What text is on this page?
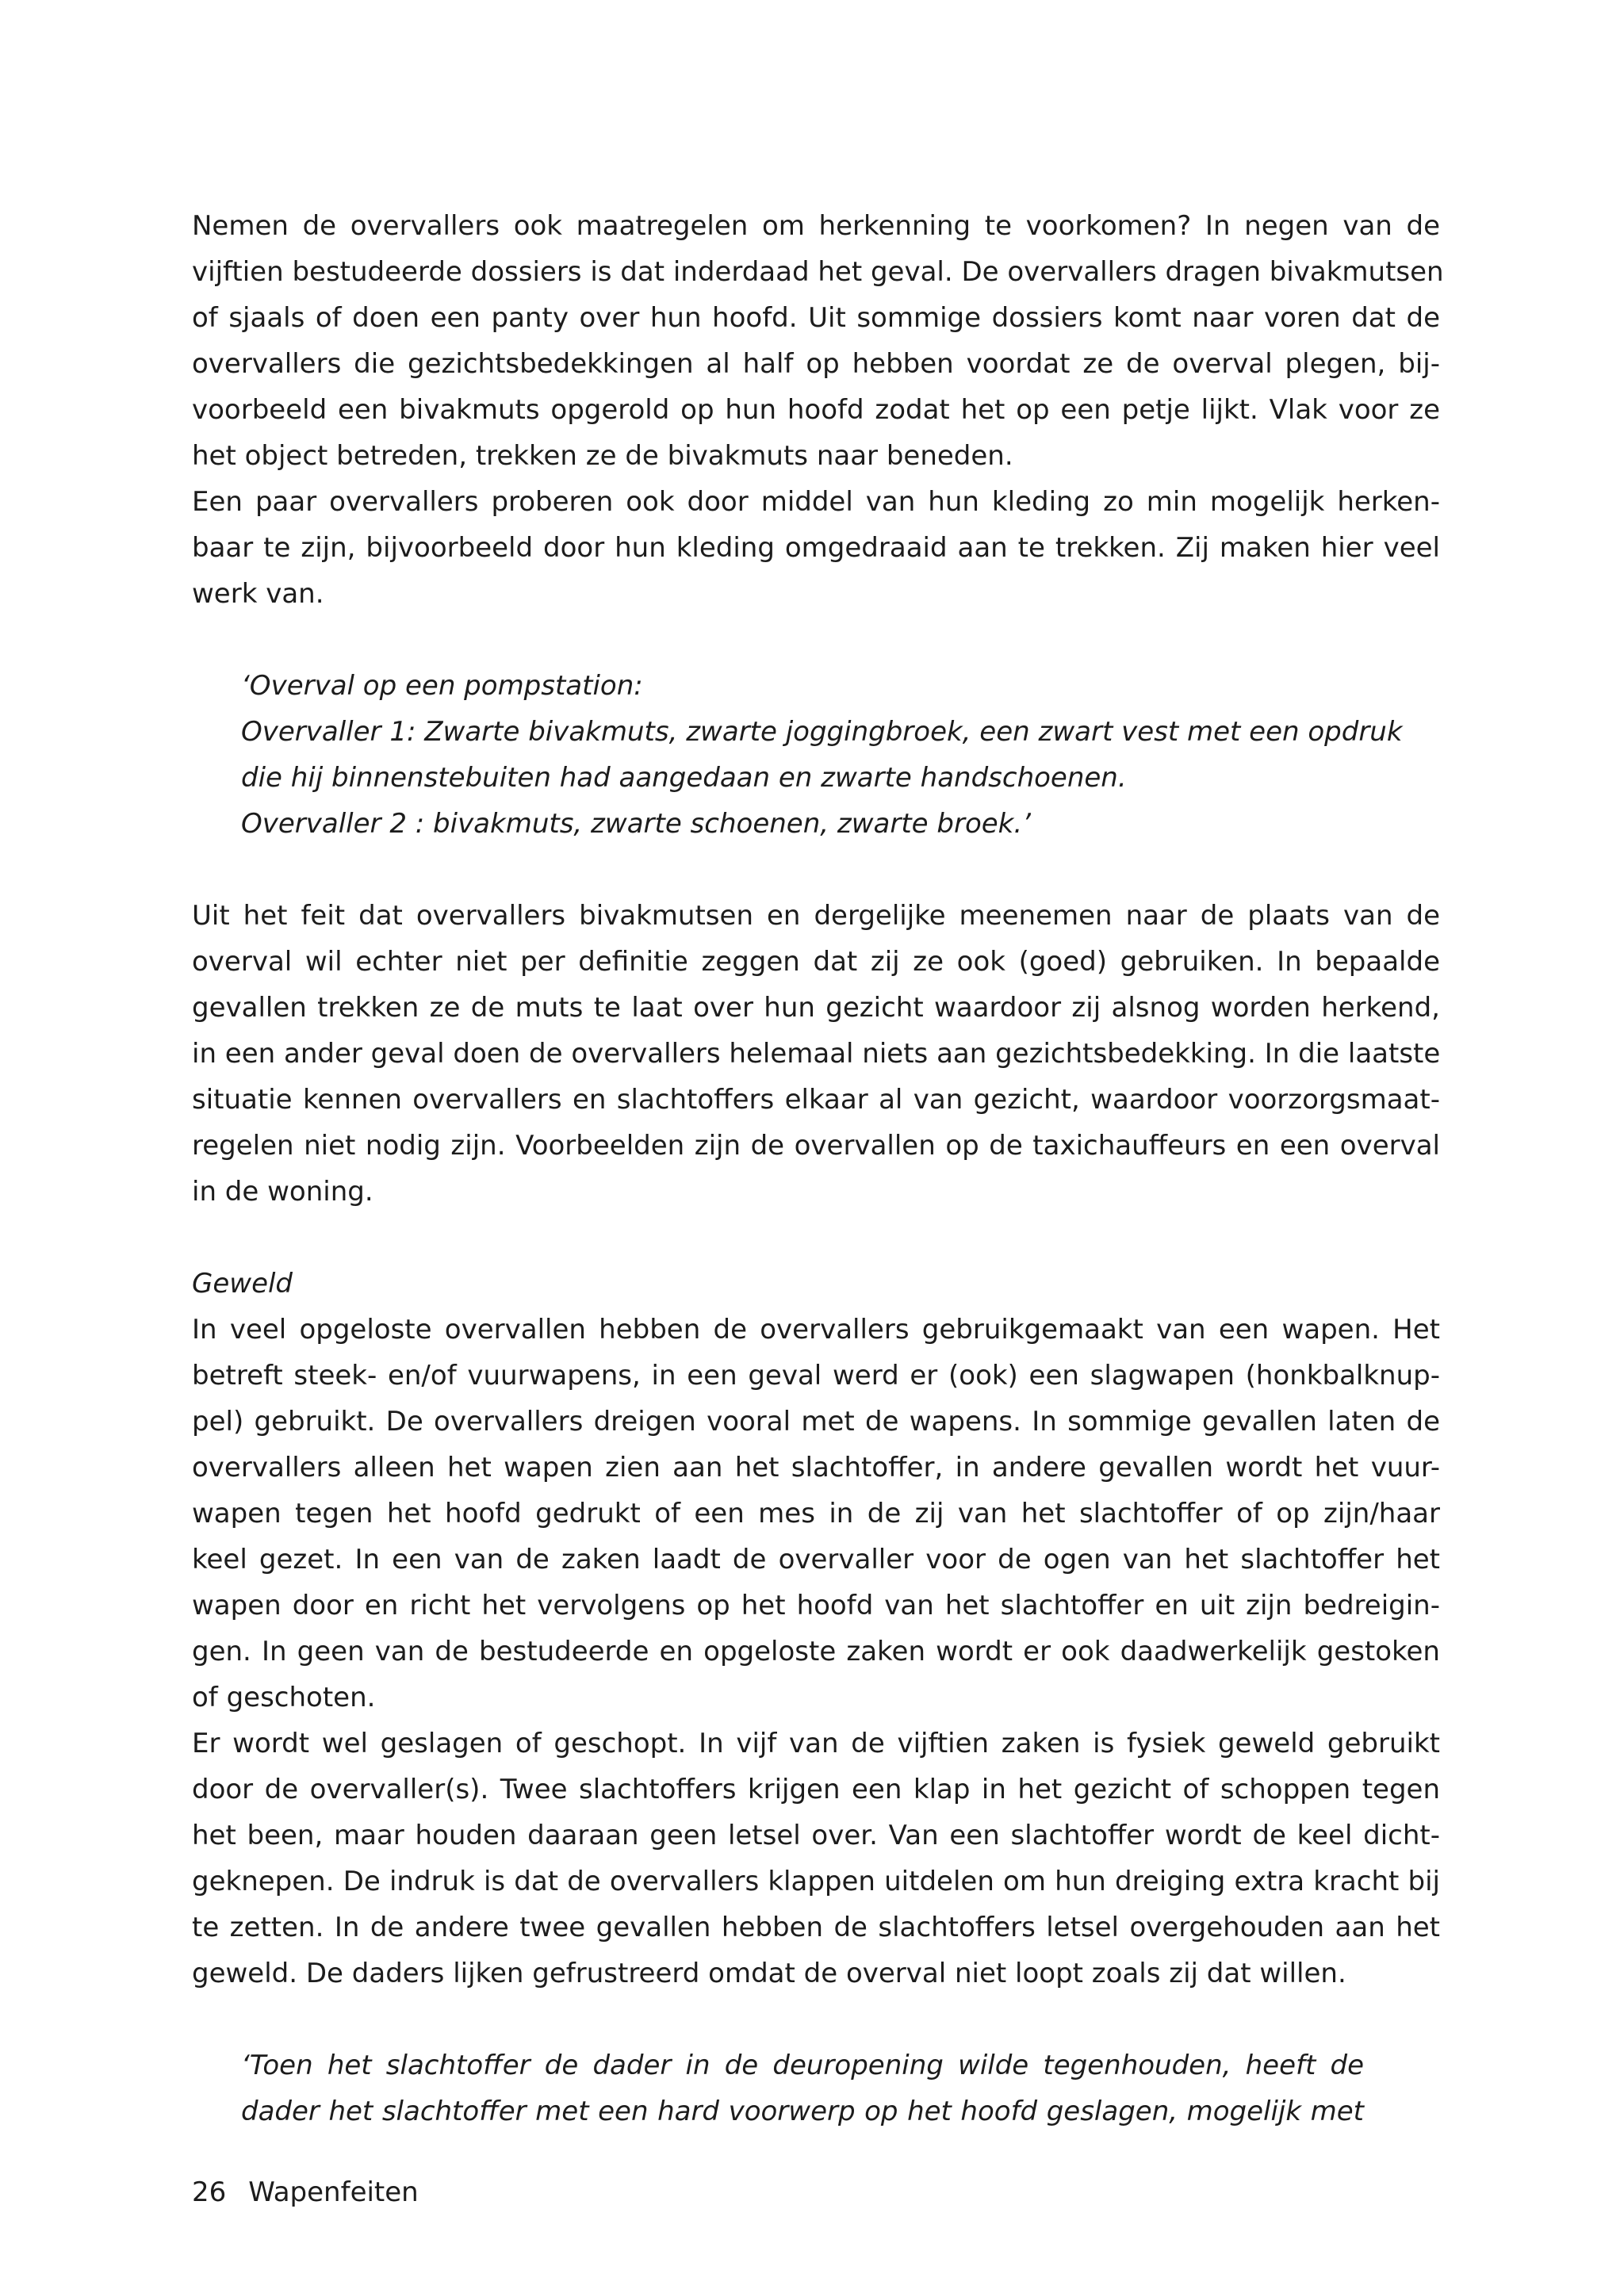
Nemen de overvallers ook maatregelen om herkenning te voorkomen? In negen van de

vijftien bestudeerde dossiers is dat inderdaad het geval. De overvallers dragen bivakmutsen

of sjaals of doen een panty over hun hoofd. Uit sommige dossiers komt naar voren dat de

overvallers die gezichtsbedekkingen al half op hebben voordat ze de overval plegen, bij-

voorbeeld een bivakmuts opgerold op hun hoofd zodat het op een petje lijkt. Vlak voor ze

het object betreden, trekken ze de bivakmuts naar beneden.

Een paar overvallers proberen ook door middel van hun kleding zo min mogelijk herken-

baar te zijn, bijvoorbeeld door hun kleding omgedraaid aan te trekken. Zij maken hier veel

werk van.

‘Overval op een pompstation:

Overvaller 1: Zwarte bivakmuts, zwarte joggingbroek, een zwart vest met een opdruk

die hij binnenstebuiten had aangedaan en zwarte handschoenen.

Overvaller 2 : bivakmuts, zwarte schoenen, zwarte broek.’

Uit het feit dat overvallers bivakmutsen en dergelijke meenemen naar de plaats van de

overval wil echter niet per definitie zeggen dat zij ze ook (goed) gebruiken. In bepaalde

gevallen trekken ze de muts te laat over hun gezicht waardoor zij alsnog worden herkend,

in een ander geval doen de overvallers helemaal niets aan gezichtsbedekking. In die laatste

situatie kennen overvallers en slachtoffers elkaar al van gezicht, waardoor voorzorgsmaat-

regelen niet nodig zijn. Voorbeelden zijn de overvallen op de taxichauffeurs en een overval

in de woning.

Geweld

In veel opgeloste overvallen hebben de overvallers gebruikgemaakt van een wapen. Het

betreft steek- en/of vuurwapens, in een geval werd er (ook) een slagwapen (honkbalknup-

pel) gebruikt. De overvallers dreigen vooral met de wapens. In sommige gevallen laten de

overvallers alleen het wapen zien aan het slachtoffer, in andere gevallen wordt het vuur-

wapen tegen het hoofd gedrukt of een mes in de zij van het slachtoffer of op zijn/haar

keel gezet. In een van de zaken laadt de overvaller voor de ogen van het slachtoffer het

wapen door en richt het vervolgens op het hoofd van het slachtoffer en uit zijn bedreigin-

gen. In geen van de bestudeerde en opgeloste zaken wordt er ook daadwerkelijk gestoken

of geschoten.

Er wordt wel geslagen of geschopt. In vijf van de vijftien zaken is fysiek geweld gebruikt

door de overvaller(s). Twee slachtoffers krijgen een klap in het gezicht of schoppen tegen

het been, maar houden daaraan geen letsel over. Van een slachtoffer wordt de keel dicht-

geknepen. De indruk is dat de overvallers klappen uitdelen om hun dreiging extra kracht bij

te zetten. In de andere twee gevallen hebben de slachtoffers letsel overgehouden aan het

geweld. De daders lijken gefrustreerd omdat de overval niet loopt zoals zij dat willen.

‘Toen het slachtoffer de dader in de deuropening wilde tegenhouden, heeft de

dader het slachtoffer met een hard voorwerp op het hoofd geslagen, mogelijk met

26 Wapenfeiten
